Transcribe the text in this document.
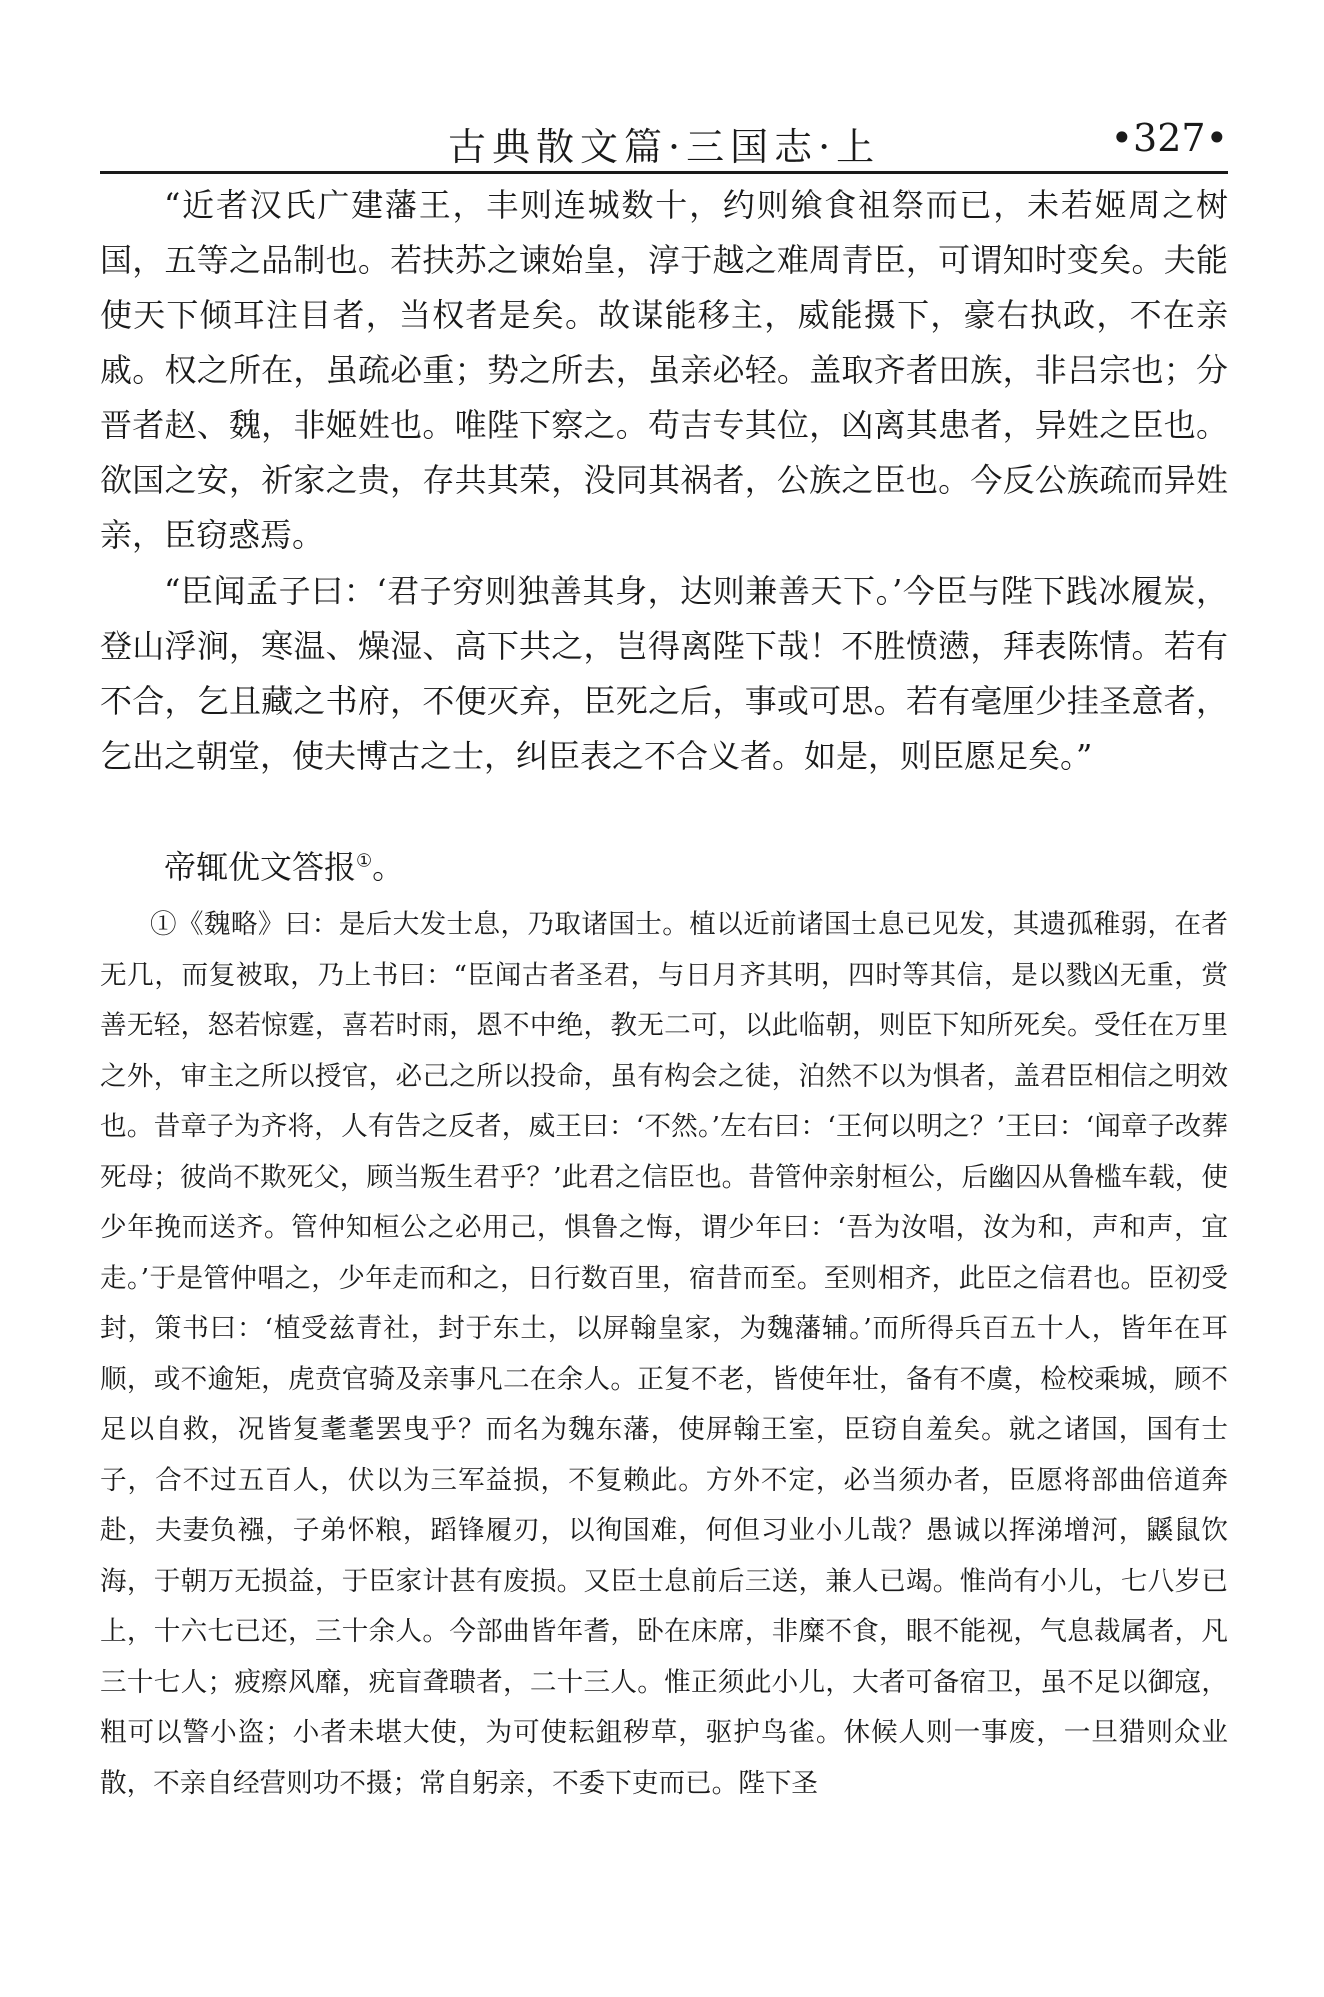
古典散文篇·三国志·上	•327•

“近者汉氏广建藩王，丰则连城数十，约则飨食祖祭而已，未若姬周之树国，五等之品制也。若扶苏之谏始皇，淳于越之难周青臣，可谓知时变矣。夫能使天下倾耳注目者，当权者是矣。故谋能移主，威能摄下，豪右执政，不在亲戚。权之所在，虽疏必重；势之所去，虽亲必轻。盖取齐者田族，非吕宗也；分晋者赵、魏，非姬姓也。唯陛下察之。苟吉专其位，凶离其患者，异姓之臣也。欲国之安，祈家之贵，存共其荣，没同其祸者，公族之臣也。今反公族疏而异姓亲，臣窃惑焉。

“臣闻孟子曰：‘君子穷则独善其身，达则兼善天下。’今臣与陛下践冰履炭，登山浮涧，寒温、燥湿、高下共之，岂得离陛下哉！不胜愤懑，拜表陈情。若有不合，乞且藏之书府，不便灭弃，臣死之后，事或可思。若有毫厘少挂圣意者，乞出之朝堂，使夫博古之士，纠臣表之不合义者。如是，则臣愿足矣。”

帝辄优文答报①。

①《魏略》曰：是后大发士息，乃取诸国士。植以近前诸国士息已见发，其遗孤稚弱，在者无几，而复被取，乃上书曰：“臣闻古者圣君，与日月齐其明，四时等其信，是以戮凶无重，赏善无轻，怒若惊霆，喜若时雨，恩不中绝，教无二可，以此临朝，则臣下知所死矣。受任在万里之外，审主之所以授官，必己之所以投命，虽有构会之徒，泊然不以为惧者，盖君臣相信之明效也。昔章子为齐将，人有告之反者，威王曰：‘不然。’左右曰：‘王何以明之？’王曰：‘闻章子改葬死母；彼尚不欺死父，顾当叛生君乎？’此君之信臣也。昔管仲亲射桓公，后幽囚从鲁槛车载，使少年挽而送齐。管仲知桓公之必用己，惧鲁之悔，谓少年曰：‘吾为汝唱，汝为和，声和声，宜走。’于是管仲唱之，少年走而和之，日行数百里，宿昔而至。至则相齐，此臣之信君也。臣初受封，策书曰：‘植受兹青社，封于东土，以屏翰皇家，为魏藩辅。’而所得兵百五十人，皆年在耳顺，或不逾矩，虎贲官骑及亲事凡二在余人。正复不老，皆使年壮，备有不虞，检校乘城，顾不足以自救，况皆复耄耄罢曳乎？而名为魏东藩，使屏翰王室，臣窃自羞矣。就之诸国，国有士子，合不过五百人，伏以为三军益损，不复赖此。方外不定，必当须办者，臣愿将部曲倍道奔赴，夫妻负襁，子弟怀粮，蹈锋履刃，以徇国难，何但习业小儿哉？愚诚以挥涕增河，鼷鼠饮海，于朝万无损益，于臣家计甚有废损。又臣士息前后三送，兼人已竭。惟尚有小儿，七八岁已上，十六七已还，三十余人。今部曲皆年耆，卧在床席，非糜不食，眼不能视，气息裁属者，凡三十七人；疲瘵风靡，疣盲聋聩者，二十三人。惟正须此小儿，大者可备宿卫，虽不足以御寇，粗可以警小盗；小者未堪大使，为可使耘鉏秽草，驱护鸟雀。休候人则一事废，一旦猎则众业散，不亲自经营则功不摄；常自躬亲，不委下吏而已。陛下圣
